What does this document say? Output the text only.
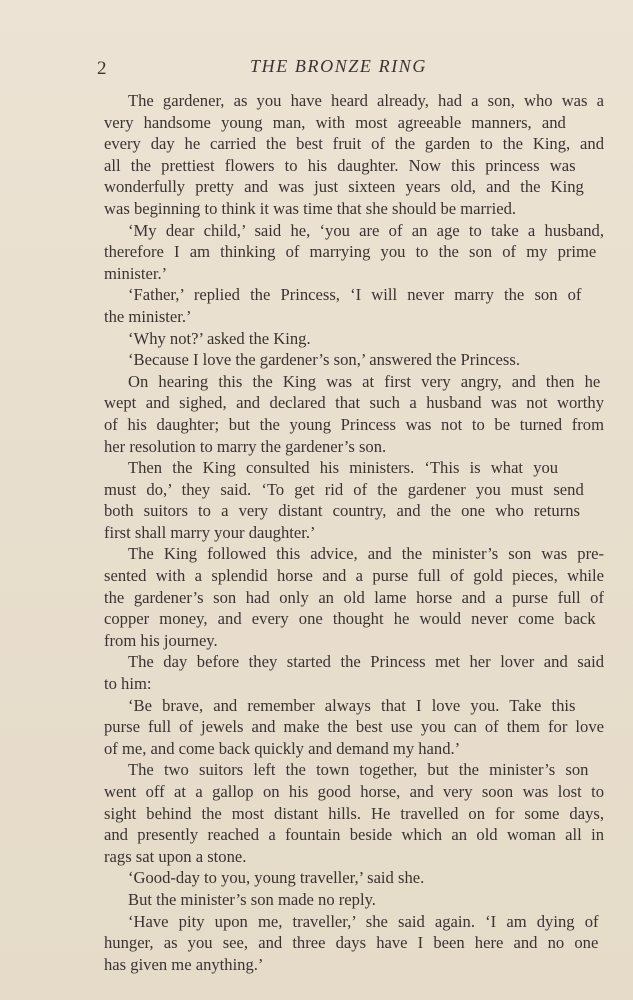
2	THE BRONZE RING
The gardener, as you have heard already, had a son, who was a
very handsome young man, with most agreeable manners, and
every day he carried the best fruit of the garden to the King, and
all the prettiest flowers to his daughter. Now this princess was
wonderfully pretty and was just sixteen years old, and the King
was beginning to think it was time that she should be married.
‘My dear child,’ said he, ‘you are of an age to take a husband,
therefore I am thinking of marrying you to the son of my prime
minister.’
‘Father,’ replied the Princess, ‘I will never marry the son of
the minister.’
‘Why not?’ asked the King.
‘Because I love the gardener’s son,’ answered the Princess.
On hearing this the King was at first very angry, and then he
wept and sighed, and declared that such a husband was not worthy
of his daughter; but the young Princess was not to be turned from
her resolution to marry the gardener’s son.
Then the King consulted his ministers. ‘This is what you
must do,’ they said. ‘To get rid of the gardener you must send
both suitors to a very distant country, and the one who returns
first shall marry your daughter.’
The King followed this advice, and the minister’s son was pre-
sented with a splendid horse and a purse full of gold pieces, while
the gardener’s son had only an old lame horse and a purse full of
copper money, and every one thought he would never come back
from his journey.
The day before they started the Princess met her lover and said
to him:
‘Be brave, and remember always that I love you. Take this
purse full of jewels and make the best use you can of them for love
of me, and come back quickly and demand my hand.’
The two suitors left the town together, but the minister’s son
went off at a gallop on his good horse, and very soon was lost to
sight behind the most distant hills. He travelled on for some days,
and presently reached a fountain beside which an old woman all in
rags sat upon a stone.
‘Good-day to you, young traveller,’ said she.
But the minister’s son made no reply.
‘Have pity upon me, traveller,’ she said again. ‘I am dying of
hunger, as you see, and three days have I been here and no one
has given me anything.’
